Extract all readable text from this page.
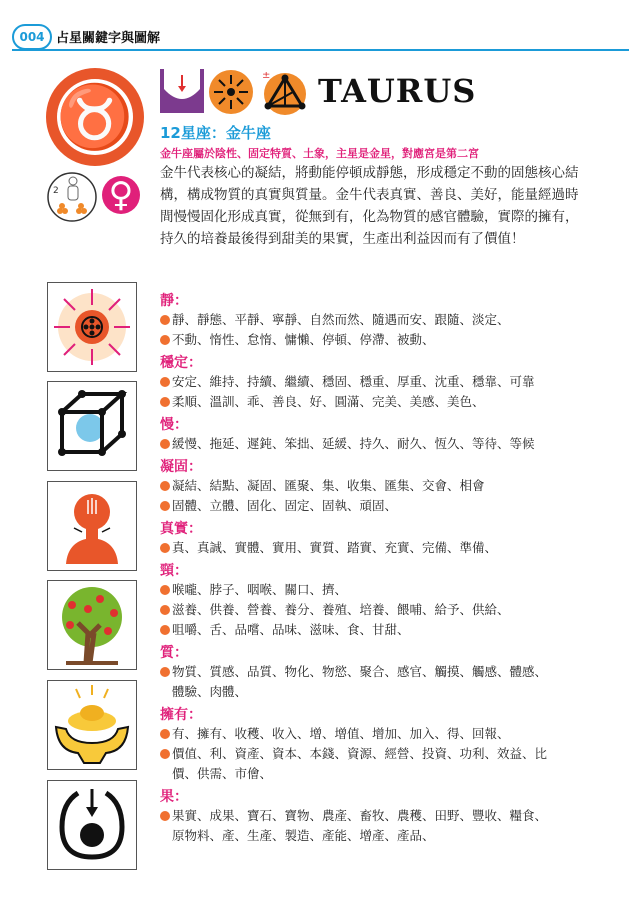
004 占星關鍵字與圖解
♉
2 ♀
± TAURUS
12星座：金牛座
金牛座屬於陰性、固定特質、土象，主星是金星，對應宮是第二宮
金牛代表核心的凝結，將動能停頓成靜態，形成穩定不動的固態核心結構，構成物質的真實與質量。金牛代表真實、善良、美好，能量經過時間慢慢固化形成真實，從無到有，化為物質的感官體驗，實際的擁有，持久的培養最後得到甜美的果實，生產出利益因而有了價值！
靜：
靜、靜態、平靜、寧靜、自然而然、隨遇而安、跟隨、淡定、
不動、惰性、怠惰、慵懶、停頓、停滯、被動、
穩定：
安定、維持、持續、繼續、穩固、穩重、厚重、沈重、穩靠、可靠
柔順、溫訓、乖、善良、好、圓滿、完美、美感、美色、
慢：
緩慢、拖延、遲鈍、笨拙、延緩、持久、耐久、恆久、等待、等候
凝固：
凝結、結點、凝固、匯聚、集、收集、匯集、交會、相會
固體、立體、固化、固定、固執、頑固、
真實：
真、真誠、實體、實用、實質、踏實、充實、完備、準備、
頸：
喉嚨、脖子、咽喉、關口、擠、
滋養、供養、營養、養分、養殖、培養、餵哺、給予、供給、
咀嚼、舌、品嚐、品味、滋味、食、甘甜、
質：
物質、質感、品質、物化、物慾、聚合、感官、觸摸、觸感、體感、
體驗、肉體、
擁有：
有、擁有、收穫、收入、增、增值、增加、加入、得、回報、
價值、利、資產、資本、本錢、資源、經營、投資、功利、效益、比
價、供需、市儈、
果：
果實、成果、寶石、寶物、農產、畜牧、農穫、田野、豐收、糧食、
原物料、產、生產、製造、產能、增產、產品、
